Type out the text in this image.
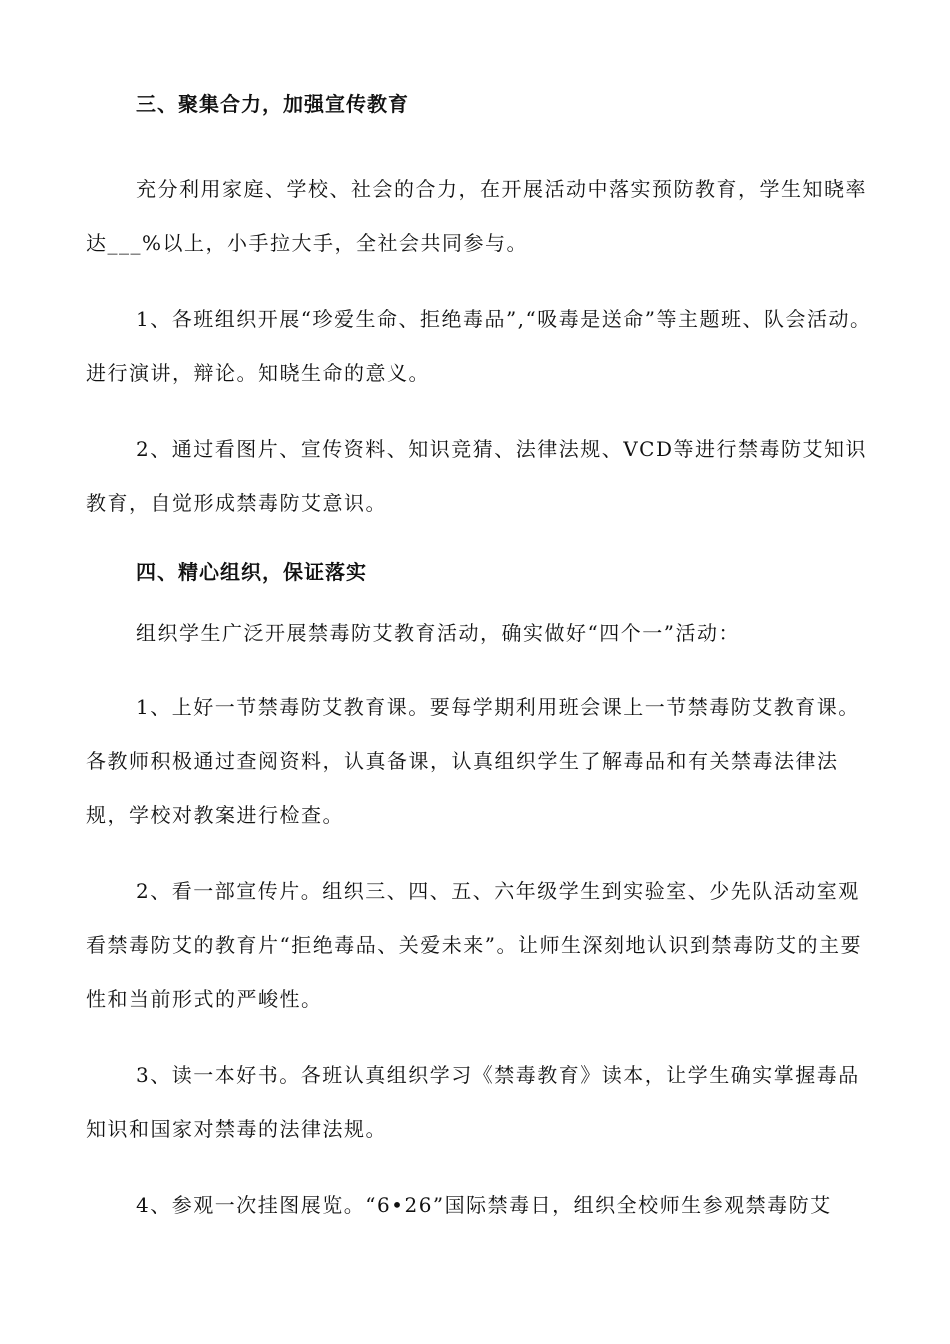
三、聚集合力，加强宣传教育

充分利用家庭、学校、社会的合力，在开展活动中落实预防教育，学生知晓率达___%以上，小手拉大手，全社会共同参与。

1、各班组织开展“珍爱生命、拒绝毒品”,“吸毒是送命”等主题班、队会活动。进行演讲，辩论。知晓生命的意义。

2、通过看图片、宣传资料、知识竞猜、法律法规、VCD等进行禁毒防艾知识教育，自觉形成禁毒防艾意识。

四、精心组织，保证落实

组织学生广泛开展禁毒防艾教育活动，确实做好“四个一”活动：

1、上好一节禁毒防艾教育课。要每学期利用班会课上一节禁毒防艾教育课。各教师积极通过查阅资料，认真备课，认真组织学生了解毒品和有关禁毒法律法规，学校对教案进行检查。

2、看一部宣传片。组织三、四、五、六年级学生到实验室、少先队活动室观看禁毒防艾的教育片“拒绝毒品、关爱未来”。让师生深刻地认识到禁毒防艾的主要性和当前形式的严峻性。

3、读一本好书。各班认真组织学习《禁毒教育》读本，让学生确实掌握毒品知识和国家对禁毒的法律法规。

4、参观一次挂图展览。“6•26”国际禁毒日，组织全校师生参观禁毒防艾
